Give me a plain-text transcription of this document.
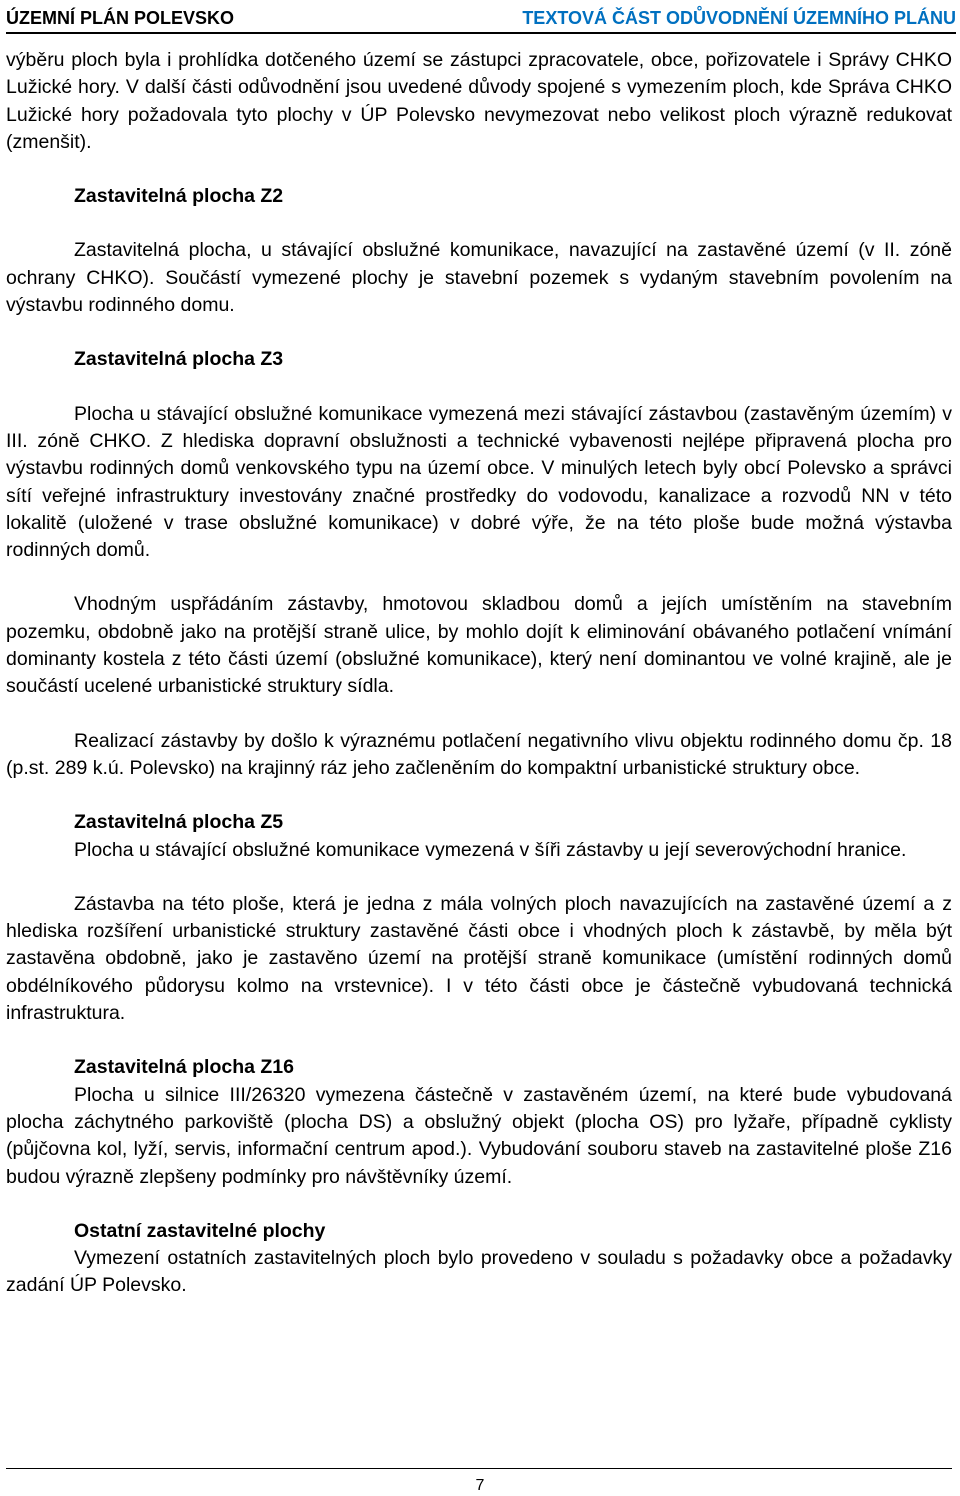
ÚZEMNÍ PLÁN POLEVSKO	TEXTOVÁ ČÁST ODŮVODNĚNÍ ÚZEMNÍHO PLÁNU

výběru ploch byla i prohlídka dotčeného území se zástupci zpracovatele, obce, pořizovatele i Správy CHKO Lužické hory. V další části odůvodnění jsou uvedené důvody spojené s vymezením ploch, kde Správa CHKO Lužické hory požadovala tyto plochy v ÚP Polevsko nevymezovat nebo velikost ploch výrazně redukovat (zmenšit).

Zastavitelná plocha Z2

Zastavitelná plocha, u stávající obslužné komunikace, navazující na zastavěné území (v II. zóně ochrany CHKO). Součástí vymezené plochy je stavební pozemek s vydaným stavebním povolením na výstavbu rodinného domu.

Zastavitelná plocha Z3

Plocha u stávající obslužné komunikace vymezená mezi stávající zástavbou (zastavěným územím) v III. zóně CHKO. Z hlediska dopravní obslužnosti a technické vybavenosti nejlépe připravená plocha pro výstavbu rodinných domů venkovského typu na území obce. V minulých letech byly obcí Polevsko a správci sítí veřejné infrastruktury investovány značné prostředky do vodovodu, kanalizace a rozvodů NN v této lokalitě (uložené v trase obslužné komunikace) v dobré výře, že na této ploše bude možná výstavba rodinných domů.

Vhodným uspřádáním zástavby, hmotovou skladbou domů a jejích umístěním na stavebním pozemku, obdobně jako na protější straně ulice, by mohlo dojít k eliminování obávaného potlačení vnímání dominanty kostela z této části území (obslužné komunikace), který není dominantou ve volné krajině, ale je součástí ucelené urbanistické struktury sídla.

Realizací zástavby by došlo k výraznému potlačení negativního vlivu objektu rodinného domu čp. 18 (p.st. 289 k.ú. Polevsko) na krajinný ráz jeho začleněním do kompaktní urbanistické struktury obce.

Zastavitelná plocha Z5

Plocha u stávající obslužné komunikace vymezená v šíři zástavby u její severovýchodní hranice.

Zástavba na této ploše, která je jedna z mála volných ploch navazujících na zastavěné území a z hlediska rozšíření urbanistické struktury zastavěné části obce i vhodných ploch k zástavbě, by měla být zastavěna obdobně, jako je zastavěno území na protější straně komunikace (umístění rodinných domů obdélníkového půdorysu kolmo na vrstevnice). I v této části obce je částečně vybudovaná technická infrastruktura.

Zastavitelná plocha Z16

Plocha u silnice III/26320 vymezena částečně v zastavěném území, na které bude vybudovaná plocha záchytného parkoviště (plocha DS) a obslužný objekt (plocha OS) pro lyžaře, případně cyklisty (půjčovna kol, lyží, servis, informační centrum apod.). Vybudování souboru staveb na zastavitelné ploše Z16 budou výrazně zlepšeny podmínky pro návštěvníky území.

Ostatní zastavitelné plochy

Vymezení ostatních zastavitelných ploch bylo provedeno v souladu s požadavky obce a požadavky zadání ÚP Polevsko.

7
